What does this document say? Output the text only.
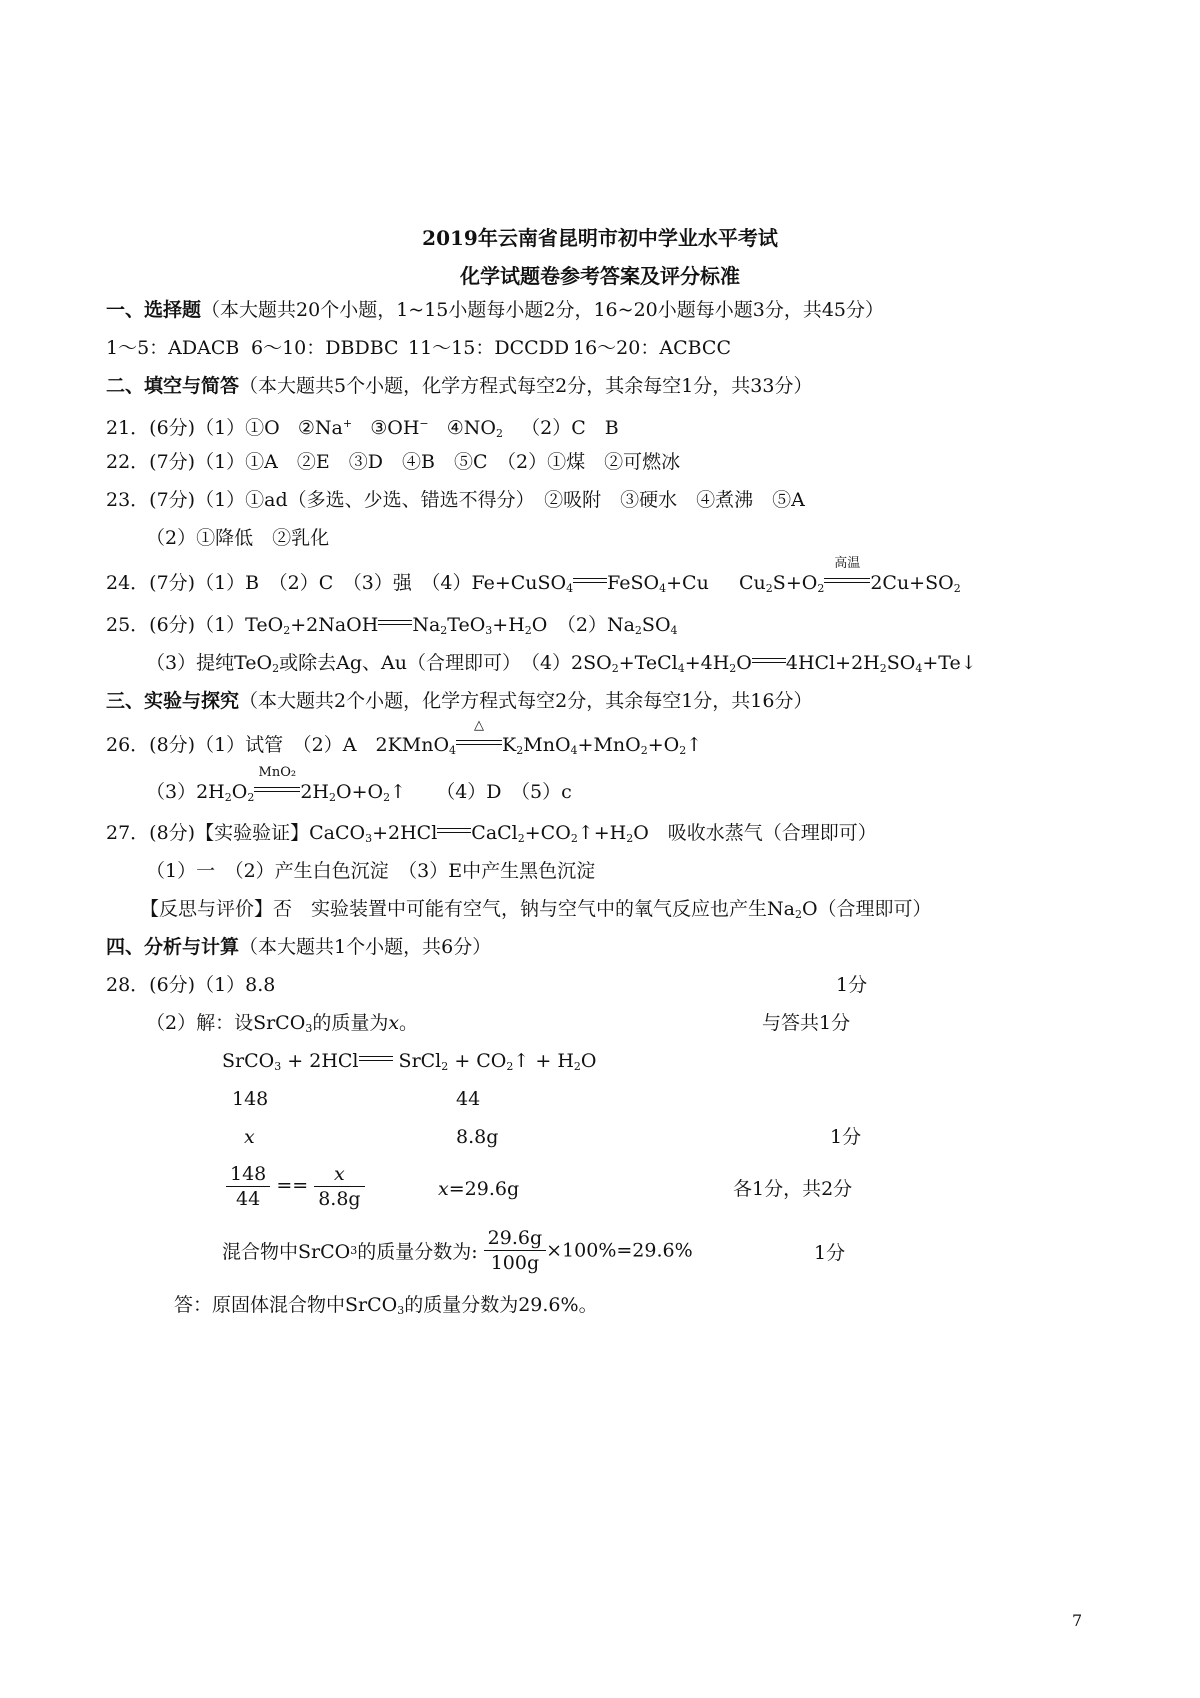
2019年云南省昆明市初中学业水平考试
化学试题卷参考答案及评分标准
一、选择题（本大题共20个小题，1~15小题每小题2分，16~20小题每小题3分，共45分）
1～5：ADACB 6～10：DBDBC 11～15：DCCDD 16～20：ACBCC
二、填空与简答（本大题共5个小题，化学方程式每空2分，其余每空1分，共33分）
21．(6分)（1）①O ②Na+ ③OH− $④NO_2$ （2）C　B
22．(7分)（1）①A　②E　③D　④B　⑤C　（2）①煤　②可燃冰
23．(7分)（1）①ad（多选、少选、错选不得分）　②吸附　③硬水　④煮沸　⑤A
（2）①降低　②乳化
24．(7分)（1）B　（2）C　（3）强　（4）Fe+CuSO$_4$ FeSO$_4$+Cu $Cu_2S+O_2$
高温
$2Cu+SO_2$
25．(6分)（1）TeO$_2$+2NaOH $Na_2TeO_3+H_2O$　$(2)Na_2SO_4$
（3）提纯TeO$_2$或除去Ag、Au（合理即可）　$(4)2SO_2+TeCl_4+4H_2O$ $4HCl+2H_2SO_4+Te↓$
三、实验与探究（本大题共2个小题，化学方程式每空2分，其余每空1分，共16分）
26．(8分)（1）试管　（2）A　2KMnO$_4$
△
$K_2MnO_4+MnO_2+O_2$ ↑
$(3)2H_2O_2$
MnO₂
$2H_2O+O_2$ ↑ （4）D　（5）c
27．(8分)【实验验证】CaCO$_3$+2HCl $CaCl_2+CO_2$ ↑ $+H_2O$　吸收水蒸气（合理即可）
（1）一　（2）产生白色沉淀　（3）E中产生黑色沉淀
【反思与评价】否　实验装置中可能有空气，钠与空气中的氧气反应也产生$Na_2O$（合理即可）
四、分析与计算（本大题共1个小题，共6分）
28．(6分)（1）8.8	1分
（2）解：设SrCO$_3$的质量为x。	与答共1分
SrCO$_3$ + 2HCl SrCl$_2$ + $CO_2$ ↑ + $H_2O$
148	44
x	8.8g	1分
$\frac{148}{44} == \frac{x}{8.8g}$	x=29.6g	各1分，共2分
混合物中SrCO3的质量分数为: $\frac{29.6g}{100g} \times 100\%=29.6\%$	1分
答：原固体混合物中SrCO$_3$的质量分数为29.6%。
7
